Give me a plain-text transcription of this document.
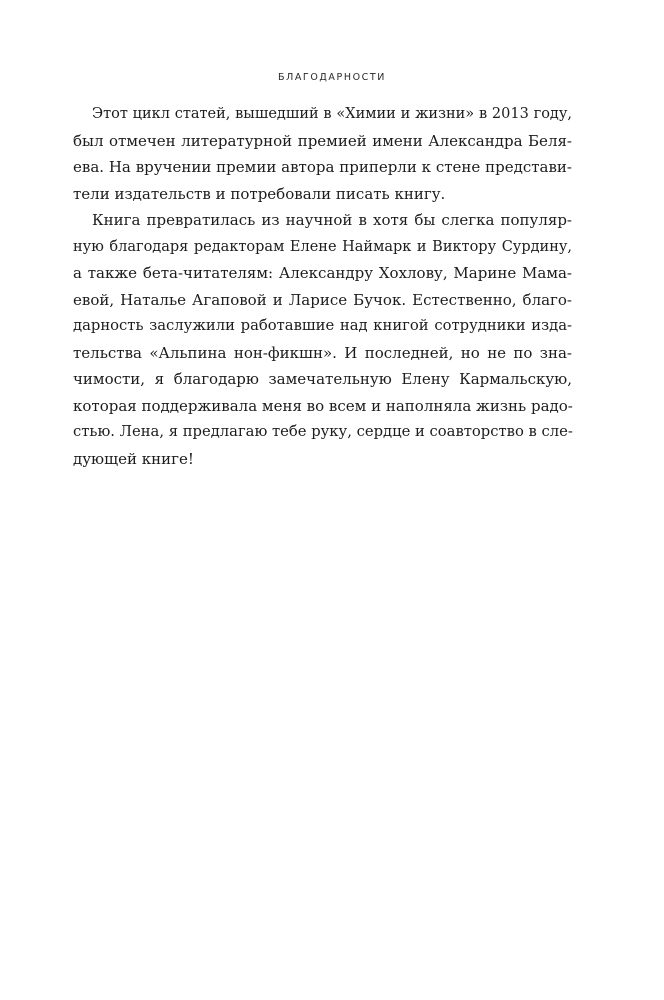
БЛАГОДАРНОСТИ
Этот цикл статей, вышедший в «Химии и жизни» в 2013 году,
был отмечен литературной премией имени Александра Беля-
ева. На вручении премии автора приперли к стене представи-
тели издательств и потребовали писать книгу.
Книга превратилась из научной в хотя бы слегка популяр-
ную благодаря редакторам Елене Наймарк и Виктору Сурдину,
а также бета-читателям: Александру Хохлову, Марине Мама-
евой, Наталье Агаповой и Ларисе Бучок. Естественно, благо-
дарность заслужили работавшие над книгой сотрудники изда-
тельства «Альпина нон-фикшн». И последней, но не по зна-
чимости, я благодарю замечательную Елену Кармальскую,
которая поддерживала меня во всем и наполняла жизнь радо-
стью. Лена, я предлагаю тебе руку, сердце и соавторство в сле-
дующей книге!
